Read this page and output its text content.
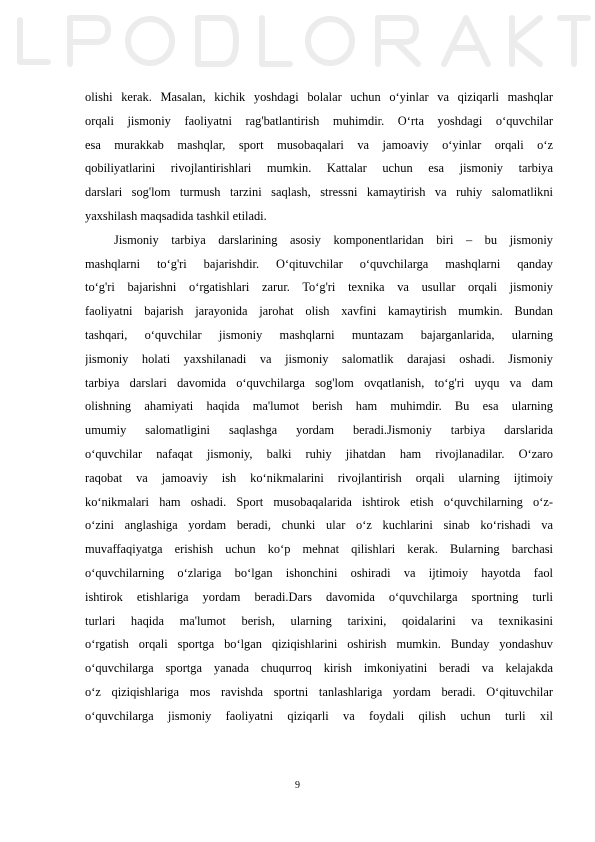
olishi kerak. Masalan, kichik yoshdagi bolalar uchun o‘yinlar va qiziqarli mashqlar
orqali jismoniy faoliyatni rag'batlantirish muhimdir. O‘rta yoshdagi o‘quvchilar
esa murakkab mashqlar, sport musobaqalari va jamoaviy o‘yinlar orqali o‘z
qobiliyatlarini rivojlantirishlari mumkin. Kattalar uchun esa jismoniy tarbiya
darslari sog'lom turmush tarzini saqlash, stressni kamaytirish va ruhiy salomatlikni
yaxshilash maqsadida tashkil etiladi.
Jismoniy tarbiya darslarining asosiy komponentlaridan biri – bu jismoniy
mashqlarni to‘g'ri bajarishdir. O‘qituvchilar o‘quvchilarga mashqlarni qanday
to‘g'ri bajarishni o‘rgatishlari zarur. To‘g'ri texnika va usullar orqali jismoniy
faoliyatni bajarish jarayonida jarohat olish xavfini kamaytirish mumkin. Bundan
tashqari, o‘quvchilar jismoniy mashqlarni muntazam bajarganlarida, ularning
jismoniy holati yaxshilanadi va jismoniy salomatlik darajasi oshadi. Jismoniy
tarbiya darslari davomida o‘quvchilarga sog'lom ovqatlanish, to‘g'ri uyqu va dam
olishning ahamiyati haqida ma'lumot berish ham muhimdir. Bu esa ularning
umumiy salomatligini saqlashga yordam beradi.Jismoniy tarbiya darslarida
o‘quvchilar nafaqat jismoniy, balki ruhiy jihatdan ham rivojlanadilar. O‘zaro
raqobat va jamoaviy ish ko‘nikmalarini rivojlantirish orqali ularning ijtimoiy
ko‘nikmalari ham oshadi. Sport musobaqalarida ishtirok etish o‘quvchilarning o‘z-
o‘zini anglashiga yordam beradi, chunki ular o‘z kuchlarini sinab ko‘rishadi va
muvaffaqiyatga erishish uchun ko‘p mehnat qilishlari kerak. Bularning barchasi
o‘quvchilarning o‘zlariga bo‘lgan ishonchini oshiradi va ijtimoiy hayotda faol
ishtirok etishlariga yordam beradi.Dars davomida o‘quvchilarga sportning turli
turlari haqida ma'lumot berish, ularning tarixini, qoidalarini va texnikasini
o‘rgatish orqali sportga bo‘lgan qiziqishlarini oshirish mumkin. Bunday yondashuv
o‘quvchilarga sportga yanada chuqurroq kirish imkoniyatini beradi va kelajakda
o‘z qiziqishlariga mos ravishda sportni tanlashlariga yordam beradi. O‘qituvchilar
o‘quvchilarga jismoniy faoliyatni qiziqarli va foydali qilish uchun turli xil
9
